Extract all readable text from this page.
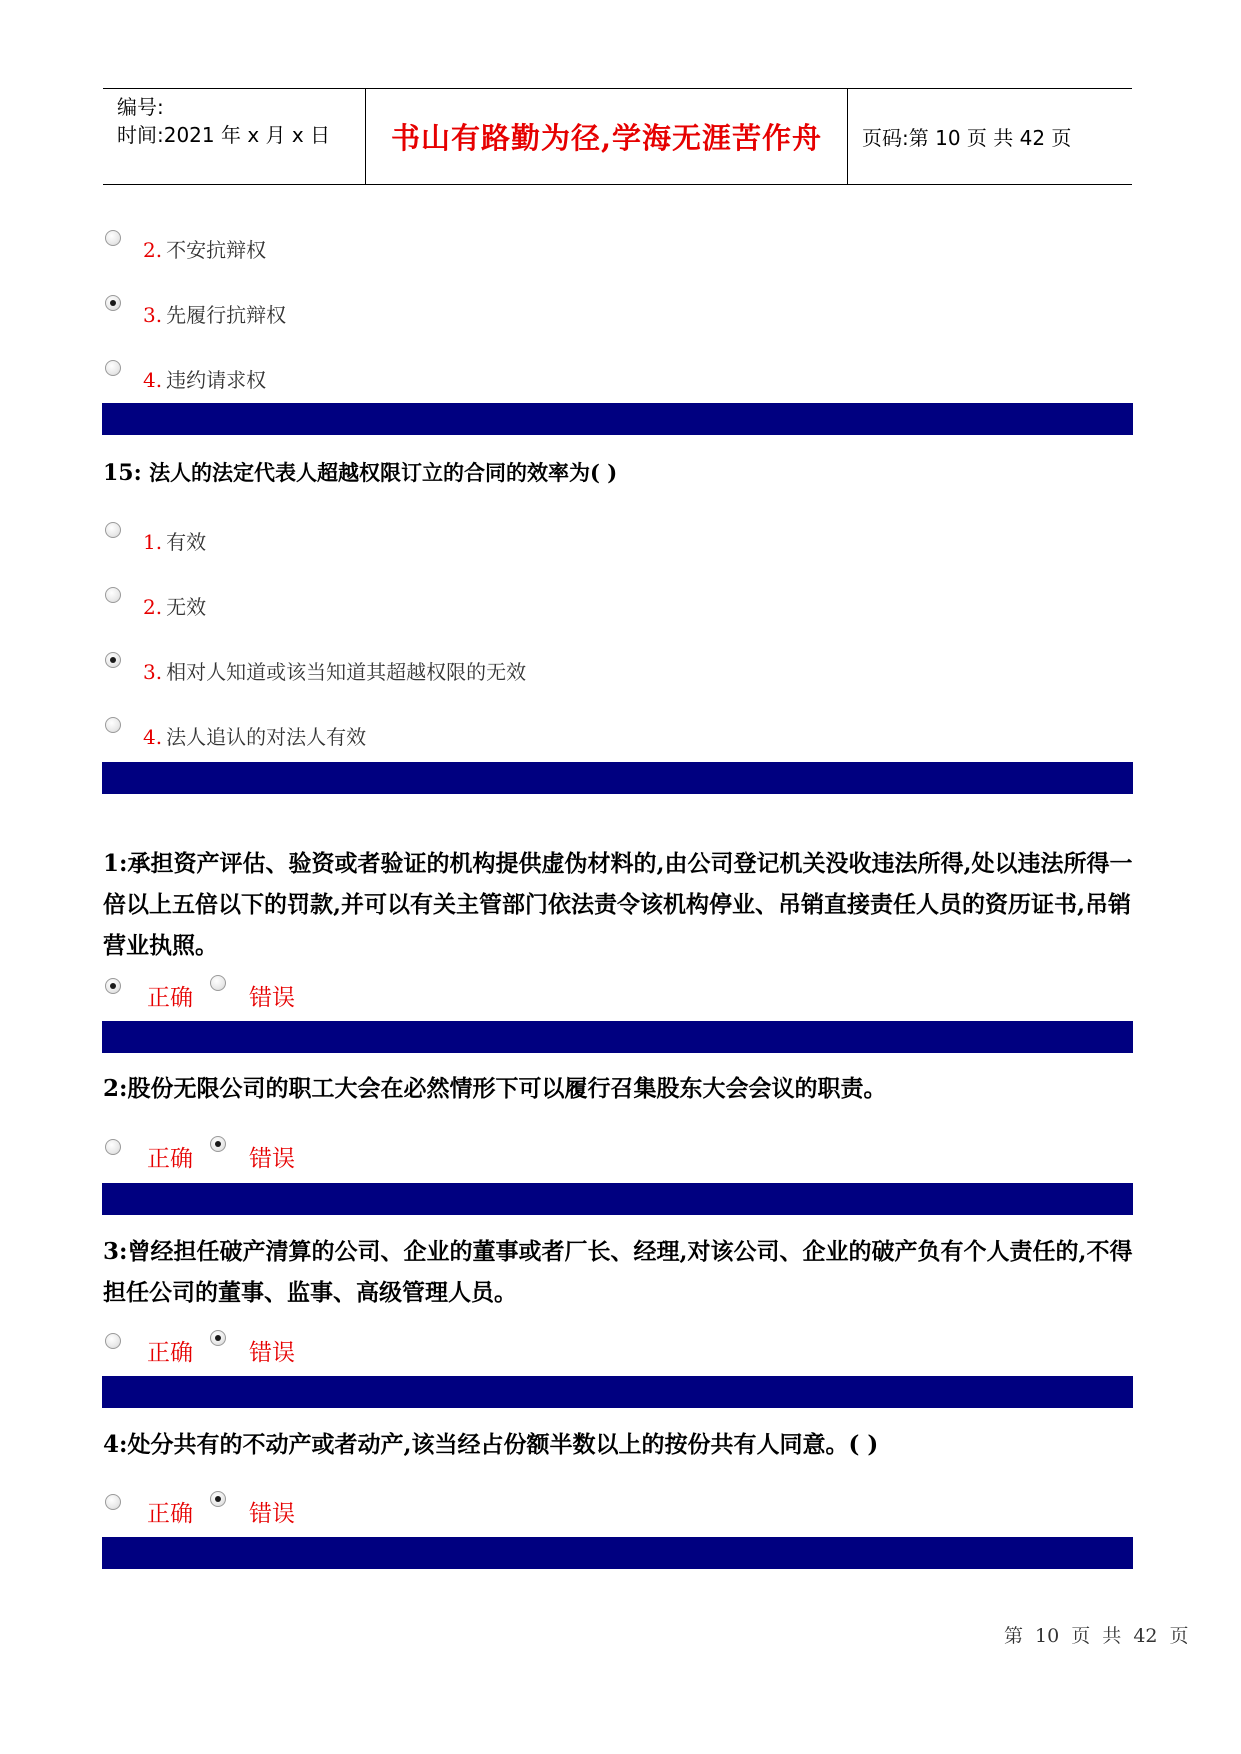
编号:
时间:2021 年 x 月 x 日	书山有路勤为径,学海无涯苦作舟	页码:第 10 页 共 42 页
2. 不安抗辩权
3. 先履行抗辩权
4. 违约请求权
15: 法人的法定代表人超越权限订立的合同的效率为( )
1. 有效
2. 无效
3. 相对人知道或该当知道其超越权限的无效
4. 法人追认的对法人有效
1:承担资产评估、验资或者验证的机构提供虚伪材料的,由公司登记机关没收违法所得,处以违法所得一倍以上五倍以下的罚款,并可以有关主管部门依法责令该机构停业、吊销直接责任人员的资历证书,吊销营业执照。
正确 错误
2:股份无限公司的职工大会在必然情形下可以履行召集股东大会会议的职责。
正确 错误
3:曾经担任破产清算的公司、企业的董事或者厂长、经理,对该公司、企业的破产负有个人责任的,不得担任公司的董事、监事、高级管理人员。
正确 错误
4:处分共有的不动产或者动产,该当经占份额半数以上的按份共有人同意。( )
正确 错误
第 10 页 共 42 页
